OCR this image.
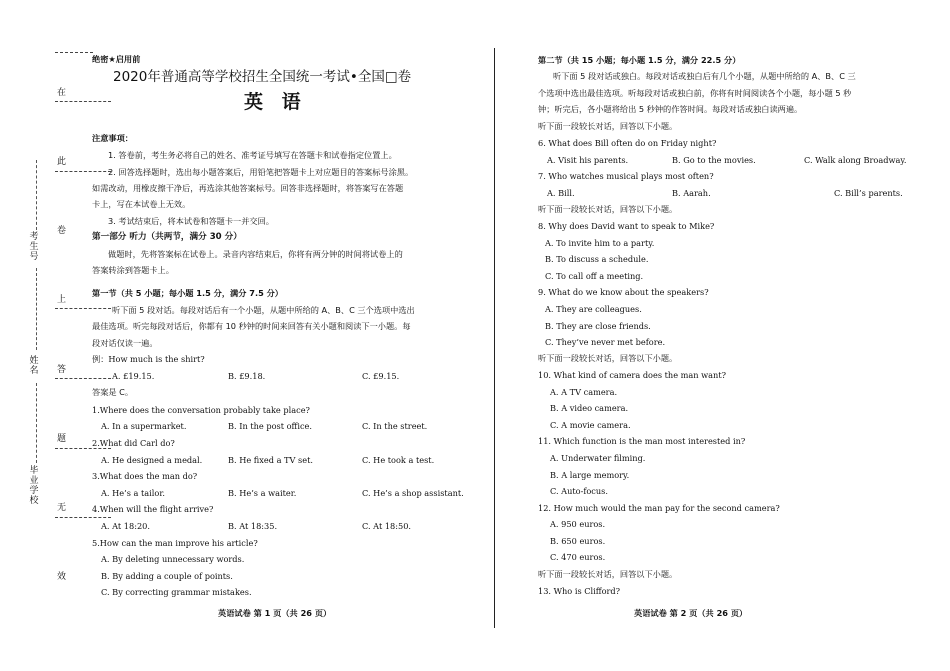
在
此
卷
上
答
题
无
效
考生号
姓名
毕业学校
绝密★启用前
2020年普通高等学校招生全国统一考试•全国□卷
英 语
注意事项：
1. 答卷前，考生务必将自己的姓名、准考证号填写在答题卡和试卷指定位置上。
2. 回答选择题时，选出每小题答案后，用铅笔把答题卡上对应题目的答案标号涂黑。
如需改动，用橡皮擦干净后，再选涂其他答案标号。回答非选择题时，将答案写在答题
卡上，写在本试卷上无效。
3. 考试结束后，将本试卷和答题卡一并交回。
第一部分 听力（共两节，满分 30 分）
做题时，先将答案标在试卷上。录音内容结束后，你将有两分钟的时间将试卷上的
答案转涂到答题卡上。
第一节（共 5 小题；每小题 1.5 分，满分 7.5 分）
听下面 5 段对话。每段对话后有一个小题，从题中所给的 A、B、C 三个选项中选出
最佳选项。听完每段对话后，你都有 10 秒钟的时间来回答有关小题和阅读下一小题。每
段对话仅读一遍。
例：How much is the shirt?
A. £19.15.	B. £9.18.	C. £9.15.
答案是 C。
1.Where does the conversation probably take place?
A. In a supermarket.	B. In the post office.	C. In the street.
2.What did Carl do?
A. He designed a medal.	B. He fixed a TV set.	C. He took a test.
3.What does the man do?
A. He’s a tailor.	B. He’s a waiter.	C. He’s a shop assistant.
4.When will the flight arrive?
A. At 18:20.	B. At 18:35.	C. At 18:50.
5.How can the man improve his article?
A. By deleting unnecessary words.
B. By adding a couple of points.
C. By correcting grammar mistakes.
英语试卷 第 1 页（共 26 页）
第二节（共 15 小题；每小题 1.5 分，满分 22.5 分）
听下面 5 段对话或独白。每段对话或独白后有几个小题，从题中所给的 A、B、C 三
个选项中选出最佳选项。听每段对话或独白前，你将有时间阅读各个小题，每小题 5 秒
钟；听完后，各小题将给出 5 秒钟的作答时间。每段对话或独白读两遍。
听下面一段较长对话，回答以下小题。
6. What does Bill often do on Friday night?
A. Visit his parents.	B. Go to the movies.	C. Walk along Broadway.
7. Who watches musical plays most often?
A. Bill.	B. Aarah.	C. Bill’s parents.
听下面一段较长对话，回答以下小题。
8. Why does David want to speak to Mike?
A. To invite him to a party.
B. To discuss a schedule.
C. To call off a meeting.
9. What do we know about the speakers?
A. They are colleagues.
B. They are close friends.
C. They’ve never met before.
听下面一段较长对话，回答以下小题。
10. What kind of camera does the man want?
A. A TV camera.
B. A video camera.
C. A movie camera.
11. Which function is the man most interested in?
A. Underwater filming.
B. A large memory.
C. Auto-focus.
12. How much would the man pay for the second camera?
A. 950 euros.
B. 650 euros.
C. 470 euros.
听下面一段较长对话，回答以下小题。
13. Who is Clifford?
英语试卷 第 2 页（共 26 页）
